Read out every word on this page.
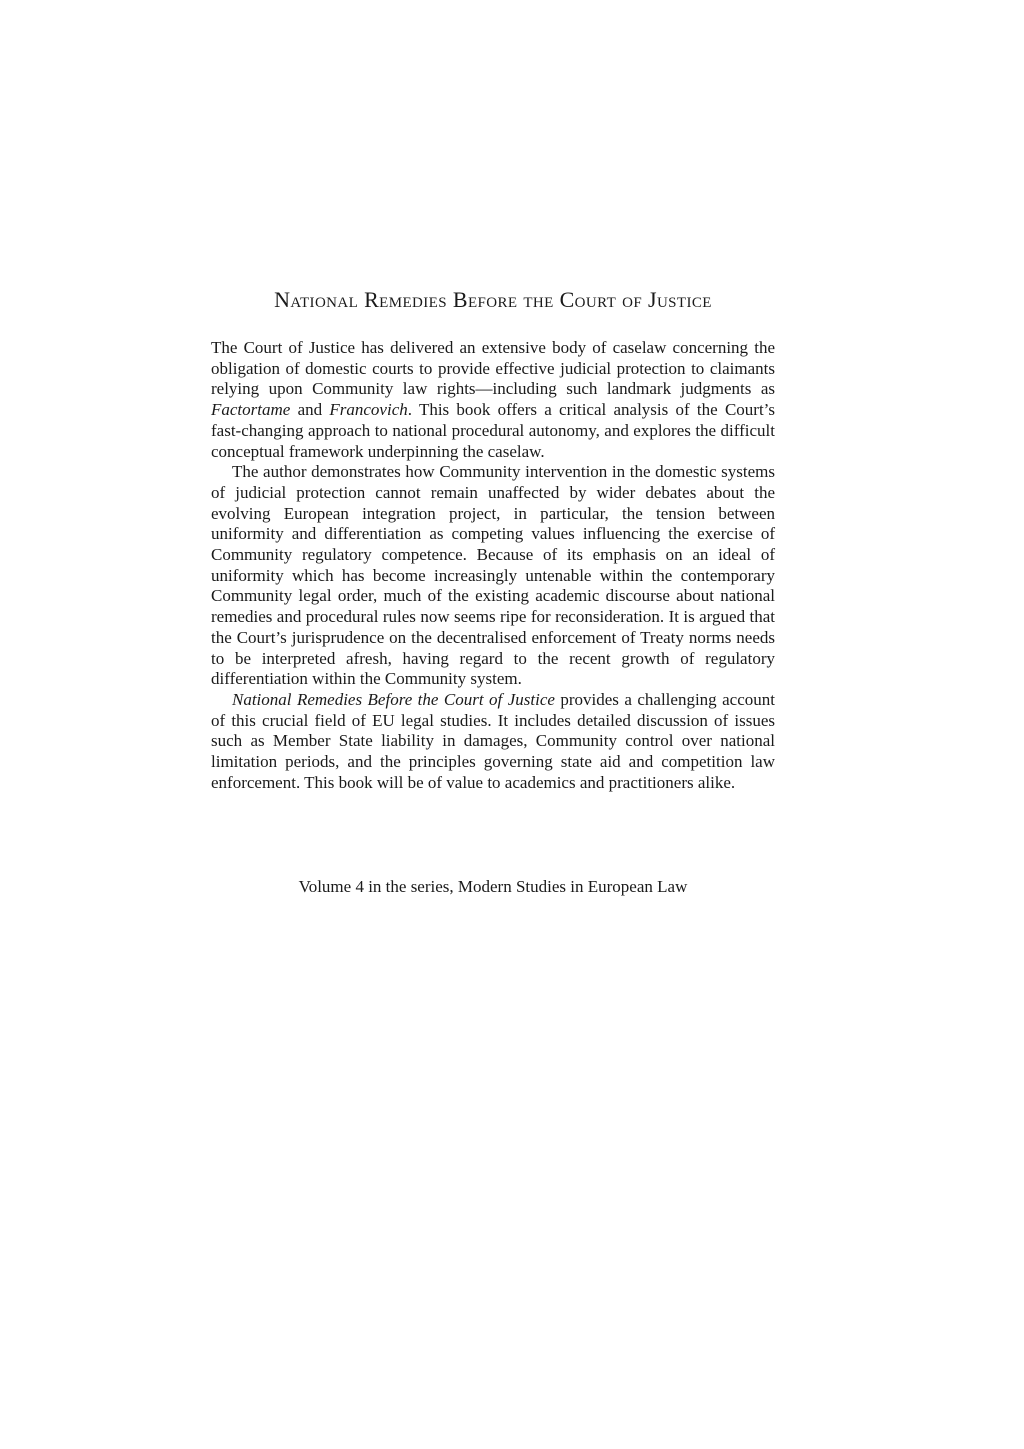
National Remedies Before the Court of Justice

The Court of Justice has delivered an extensive body of caselaw concerning the obligation of domestic courts to provide effective judicial protection to claimants relying upon Community law rights—including such landmark judgments as Factortame and Francovich. This book offers a critical analysis of the Court’s fast-changing approach to national procedural autonomy, and explores the difficult conceptual framework underpinning the caselaw.

The author demonstrates how Community intervention in the domestic systems of judicial protection cannot remain unaffected by wider debates about the evolving European integration project, in particular, the tension between uniformity and differentiation as competing values influencing the exercise of Community regulatory competence. Because of its emphasis on an ideal of uniformity which has become increasingly untenable within the contemporary Community legal order, much of the existing academic discourse about national remedies and procedural rules now seems ripe for reconsideration. It is argued that the Court’s jurisprudence on the decentralised enforcement of Treaty norms needs to be interpreted afresh, having regard to the recent growth of regulatory differentiation within the Community system.

National Remedies Before the Court of Justice provides a challenging account of this crucial field of EU legal studies. It includes detailed discussion of issues such as Member State liability in damages, Community control over national limitation periods, and the principles governing state aid and competition law enforcement. This book will be of value to academics and practitioners alike.

Volume 4 in the series, Modern Studies in European Law
